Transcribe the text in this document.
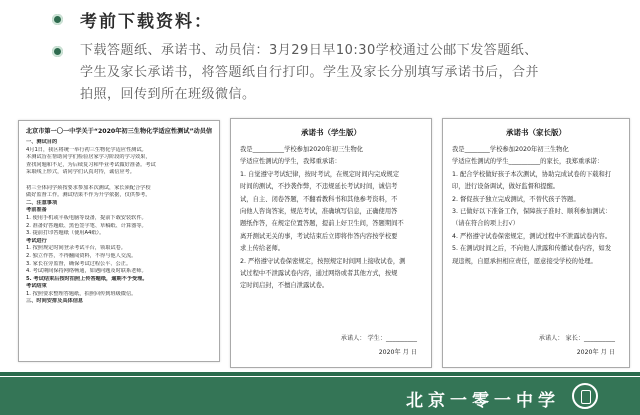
考前下载资料：
下载答题纸、承诺书、动员信：3月29日早10:30学校通过公邮下发答题纸、
学生及家长承诺书，将答题纸自行打印。学生及家长分别填写承诺书后，合并
拍照，回传到所在班级微信。
北京市第一〇一中学关于“2020年初三生物化学适应性测试”动员信
一、测试目的
4月1日，我区将统一举行初三生物化学适应性测试。
本测试旨在帮助同学们检验居家学习阶段的学习效果，
查找问题和不足，为后续复习和毕业考试做好准备。考试
采取线上形式，请同学们认真对待，诚信应考。

初三全体同学须按要求参加本次测试，家长须配合学校
做好监督工作。测试结果不作为升学依据，仅供参考。
二、注意事项
考前准备
1. 使用手机或平板电脑等设备，提前下载安装软件。
2. 准备好答题纸、黑色签字笔、草稿纸、计算器等。
3. 提前打印答题纸（使用A4纸）。
考试进行
1. 按照规定时间登录考试平台，领取试卷。
2. 独立作答，不得翻阅资料，不得与他人交流。
3. 家长在旁监督，确保考试过程公平、公正。
4. 考试期间保持网络畅通，如遇问题及时联系老师。
5. 考试结束后按时拍照上传答题纸，逾期不予受理。
考试结束
1. 按照要求整理答题纸，拍照回传到班级微信。
三、时间安排及具体信息
承诺书（学生版）
我是__________学校参加2020年初三生物化
学适应性测试的学生，我郑重承诺：
1. 自觉遵守考试纪律，按时考试，在规定时间内完成规定
时间的测试，不抄袭作弊，不违规延长考试时间，诚信考
试，自主、闭卷答题，不翻看教科书和其他参考资料，不
向他人咨询答案，规范考试，准确填写信息，正确使用答
题纸作答，在规定位置答题，提前上好卫生间，答题期间不
离开测试无关的事，考试结束后立即将作答内容按学校要
求上传给老师。
2. 严格遵守试卷保密规定，按照规定时间网上接收试卷，测
试过程中不泄露试卷内容，通过网络或者其他方式，按规
定时间启封，不擅自泄露试卷。
承诺人： 学生：__________
2020年 月 日
承诺书（家长版）
我是________学校参加2020年初三生物化
学适应性测试的学生__________的家长，我郑重承诺：
1. 配合学校做好孩子本次测试，协助完成试卷的下载和打
印，进行设备调试，做好监督和提醒。
2. 督促孩子独立完成测试，不替代孩子答题。
3. 已做好以下准备工作，保障孩子准时、顺利参加测试：
（请在符合的项上打√）
4. 严格遵守试卷保密规定，测试过程中不泄露试卷内容。
5. 在测试时间之后，不向他人泄露和传播试卷内容，如发
现违规，自愿承担相应责任，愿意接受学校的处理。
承诺人： 家长：__________
2020年 月 日
北京一零一中学
